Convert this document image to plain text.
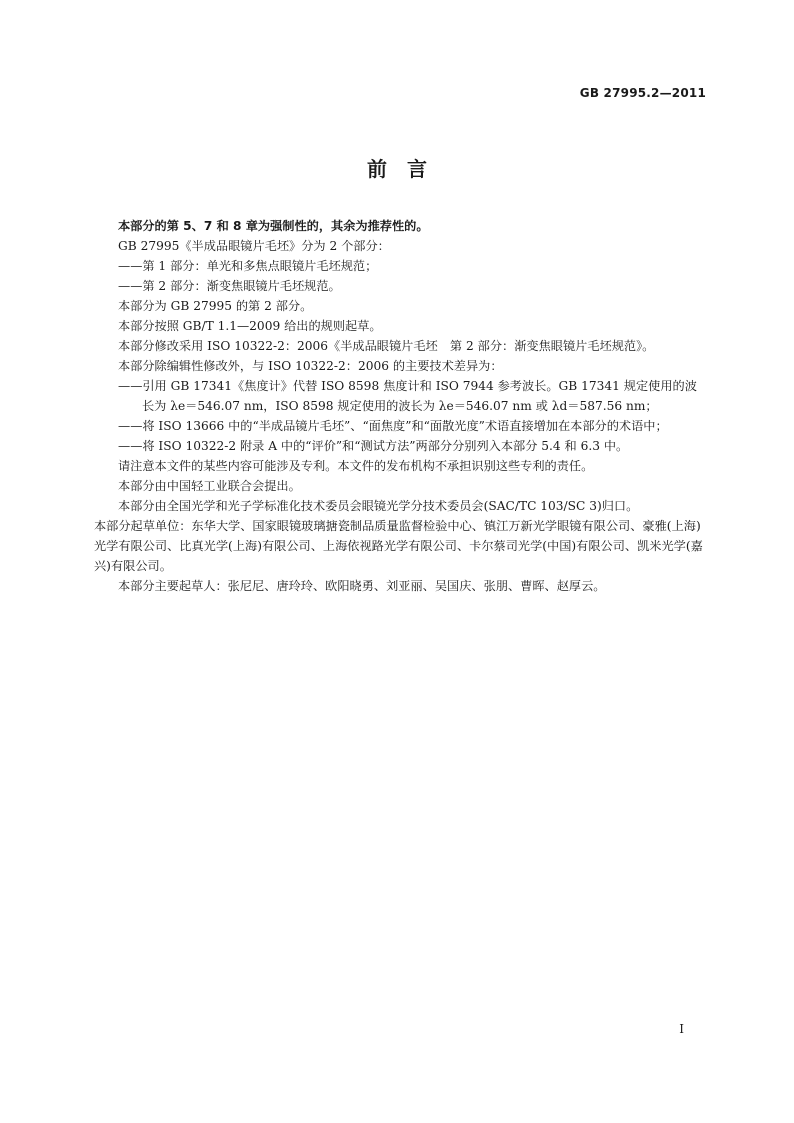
GB 27995.2—2011
前　言

本部分的第 5、7 和 8 章为强制性的，其余为推荐性的。

GB 27995《半成品眼镜片毛坯》分为 2 个部分：

——第 1 部分：单光和多焦点眼镜片毛坯规范；

——第 2 部分：渐变焦眼镜片毛坯规范。

本部分为 GB 27995 的第 2 部分。

本部分按照 GB/T 1.1—2009 给出的规则起草。

本部分修改采用 ISO 10322-2：2006《半成品眼镜片毛坯　第 2 部分：渐变焦眼镜片毛坯规范》。

本部分除编辑性修改外，与 ISO 10322-2：2006 的主要技术差异为：

——引用 GB 17341《焦度计》代替 ISO 8598 焦度计和 ISO 7944 参考波长。GB 17341 规定使用的波长为 λe＝546.07 nm，ISO 8598 规定使用的波长为 λe＝546.07 nm 或 λd＝587.56 nm；

——将 ISO 13666 中的“半成品镜片毛坯”、“面焦度”和“面散光度”术语直接增加在本部分的术语中；

——将 ISO 10322-2 附录 A 中的“评价”和“测试方法”两部分分别列入本部分 5.4 和 6.3 中。

请注意本文件的某些内容可能涉及专利。本文件的发布机构不承担识别这些专利的责任。

本部分由中国轻工业联合会提出。

本部分由全国光学和光子学标准化技术委员会眼镜光学分技术委员会(SAC/TC 103/SC 3)归口。

本部分起草单位：东华大学、国家眼镜玻璃搪瓷制品质量监督检验中心、镇江万新光学眼镜有限公司、豪雅(上海)光学有限公司、比真光学(上海)有限公司、上海依视路光学有限公司、卡尔蔡司光学(中国)有限公司、凯米光学(嘉兴)有限公司。

本部分主要起草人：张尼尼、唐玲玲、欧阳晓勇、刘亚丽、吴国庆、张朋、曹晖、赵厚云。

I
